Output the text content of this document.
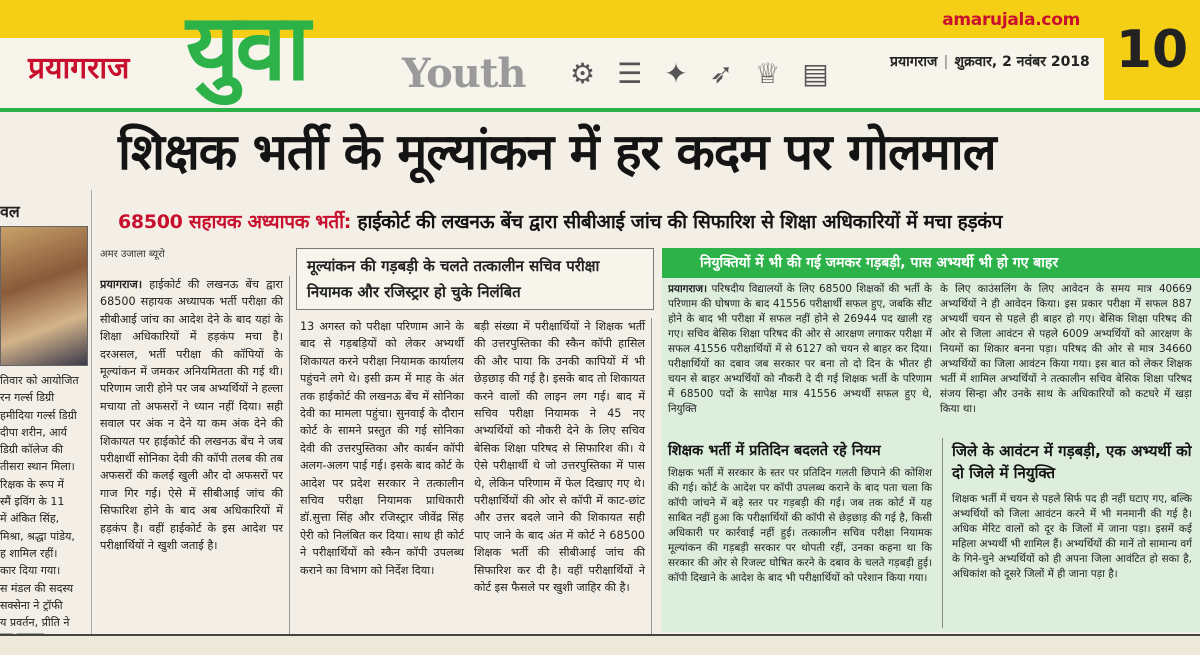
amarujala.com
प्रयागराज युवा Youth ⚙ ☰ ✦ ➶ ♕ ▤	प्रयागराज | शुक्रवार, 2 नवंबर 2018 10
शिक्षक भर्ती के मूल्यांकन में हर कदम पर गोलमाल
68500 सहायक अध्यापक भर्ती: हाईकोर्ट की लखनऊ बेंच द्वारा सीबीआई जांच की सिफारिश से शिक्षा अधिकारियों में मचा हड़कंप
वल
तिवार को आयोजित
रन गर्ल्स डिग्री
हमीदिया गर्ल्स डिग्री
दीपा शरीन, आर्य
डिग्री कॉलेज की
तीसरा स्थान मिला।
रिक्षक के रूप में
स्मैं इविंग के 11
में अंकित सिंह,
मिश्रा, श्रद्धा पांडेय,
ह शामिल रहीं।
कार दिया गया।
स मंडल की सदस्य
सक्सेना ने ट्रॉफी
य प्रवर्तन, प्रीति ने
अमर उजाला ब्यूरो
प्रयागराज। हाईकोर्ट की लखनऊ बेंच द्वारा 68500 सहायक अध्यापक भर्ती परीक्षा की सीबीआई जांच का आदेश देने के बाद यहां के शिक्षा अधिकारियों में हड़कंप मचा है। दरअसल, भर्ती परीक्षा की कॉपियों के मूल्यांकन में जमकर अनियमितता की गई थी। परिणाम जारी होने पर जब अभ्यर्थियों ने हल्ला मचाया तो अफसरों ने ध्यान नहीं दिया। सही सवाल पर अंक न देने या कम अंक देने की शिकायत पर हाईकोर्ट की लखनऊ बेंच ने जब परीक्षार्थी सोनिका देवी की कॉपी तलब की तब अफसरों की कलई खुली और दो अफसरों पर गाज गिर गई। ऐसे में सीबीआई जांच की सिफारिश होने के बाद अब अधिकारियों में हड़कंप है। वहीं हाईकोर्ट के इस आदेश पर परीक्षार्थियों ने खुशी जताई है।
मूल्यांकन की गड़बड़ी के चलते तत्कालीन सचिव परीक्षा नियामक और रजिस्ट्रार हो चुके निलंबित
13 अगस्त को परीक्षा परिणाम आने के बाद से गड़बड़ियों को लेकर अभ्यर्थी शिकायत करने परीक्षा नियामक कार्यालय पहुंचने लगे थे। इसी क्रम में माह के अंत तक हाईकोर्ट की लखनऊ बेंच में सोनिका देवी का मामला पहुंचा। सुनवाई के दौरान कोर्ट के सामने प्रस्तुत की गई सोनिका देवी की उत्तरपुस्तिका और कार्बन कॉपी अलग-अलग पाई गई। इसके बाद कोर्ट के आदेश पर प्रदेश सरकार ने तत्कालीन सचिव परीक्षा नियामक प्राधिकारी डॉ.सुत्ता सिंह और रजिस्ट्रार जीवेंद्र सिंह ऐरी को निलंबित कर दिया। साथ ही कोर्ट ने परीक्षार्थियों को स्कैन कॉपी उपलब्ध कराने का विभाग को निर्देश दिया।
बड़ी संख्या में परीक्षार्थियों ने शिक्षक भर्ती की उत्तरपुस्तिका की स्कैन कॉपी हासिल की और पाया कि उनकी कापियों में भी छेड़छाड़ की गई है। इसके बाद तो शिकायत करने वालों की लाइन लग गई। बाद में सचिव परीक्षा नियामक ने 45 नए अभ्यर्थियों को नौकरी देने के लिए सचिव बेसिक शिक्षा परिषद से सिफारिश की। ये ऐसे परीक्षार्थी थे जो उत्तरपुस्तिका में पास थे, लेकिन परिणाम में फेल दिखाए गए थे। परीक्षार्थियों की ओर से कॉपी में काट-छांट और उत्तर बदले जाने की शिकायत सही पाए जाने के बाद अंत में कोर्ट ने 68500 शिक्षक भर्ती की सीबीआई जांच की सिफारिश कर दी है। वहीं परीक्षार्थियों ने कोर्ट इस फैसले पर खुशी जाहिर की है।
नियुक्तियों में भी की गई जमकर गड़बड़ी, पास अभ्यर्थी भी हो गए बाहर
प्रयागराज। परिषदीय विद्यालयों के लिए 68500 शिक्षकों की भर्ती के परिणाम की घोषणा के बाद 41556 परीक्षार्थी सफल हुए, जबकि सीट होने के बाद भी परीक्षा में सफल नहीं होने से 26944 पद खाली रह गए। सचिव बेसिक शिक्षा परिषद की ओर से आरक्षण लगाकर परीक्षा में सफल 41556 परीक्षार्थियों में से 6127 को चयन से बाहर कर दिया। परीक्षार्थियों का दबाव जब सरकार पर बना तो दो दिन के भीतर ही चयन से बाहर अभ्यर्थियों को नौकरी दे दी गई शिक्षक भर्ती के परिणाम में 68500 पदों के सापेक्ष मात्र 41556 अभ्यर्थी सफल हुए थे, नियुक्ति
के लिए काउंसलिंग के लिए आवेदन के समय मात्र 40669 अभ्यर्थियों ने ही आवेदन किया। इस प्रकार परीक्षा में सफल 887 अभ्यर्थी चयन से पहले ही बाहर हो गए। बेसिक शिक्षा परिषद की ओर से जिला आवंटन से पहले 6009 अभ्यर्थियों को आरक्षण के नियमों का शिकार बनना पड़ा। परिषद की ओर से मात्र 34660 अभ्यर्थियों का जिला आवंटन किया गया। इस बात को लेकर शिक्षक भर्ती में शामिल अभ्यर्थियों ने तत्कालीन सचिव बेसिक शिक्षा परिषद संजय सिन्हा और उनके साथ के अधिकारियों को कटघरे में खड़ा किया था।
शिक्षक भर्ती में प्रतिदिन बदलते रहे नियम
शिक्षक भर्ती में सरकार के स्तर पर प्रतिदिन गलती छिपाने की कोशिश की गई। कोर्ट के आदेश पर कॉपी उपलब्ध कराने के बाद पता चला कि कॉपी जांचने में बड़े स्तर पर गड़बड़ी की गई। जब तक कोर्ट में यह साबित नहीं हुआ कि परीक्षार्थियों की कॉपी से छेड़छाड़ की गई है, किसी अधिकारी पर कार्रवाई नहीं हुई। तत्कालीन सचिव परीक्षा नियामक मूल्यांकन की गड़बड़ी सरकार पर थोपती रहीं, उनका कहना था कि सरकार की ओर से रिजल्ट घोषित करने के दबाव के चलते गड़बड़ी हुई। कॉपी दिखाने के आदेश के बाद भी परीक्षार्थियों को परेशान किया गया।
जिले के आवंटन में गड़बड़ी, एक अभ्यर्थी को दो जिले में नियुक्ति
शिक्षक भर्ती में चयन से पहले सिर्फ पद ही नहीं घटाए गए, बल्कि अभ्यर्थियों को जिला आवंटन करने में भी मनमानी की गई है। अधिक मेरिट वालों को दूर के जिलों में जाना पड़ा। इसमें कई महिला अभ्यर्थी भी शामिल हैं। अभ्यर्थियों की मानें तो सामान्य वर्ग के गिने-चुने अभ्यर्थियों को ही अपना जिला आवंटित हो सका है, अधिकांश को दूसरे जिलों में ही जाना पड़ा है।
